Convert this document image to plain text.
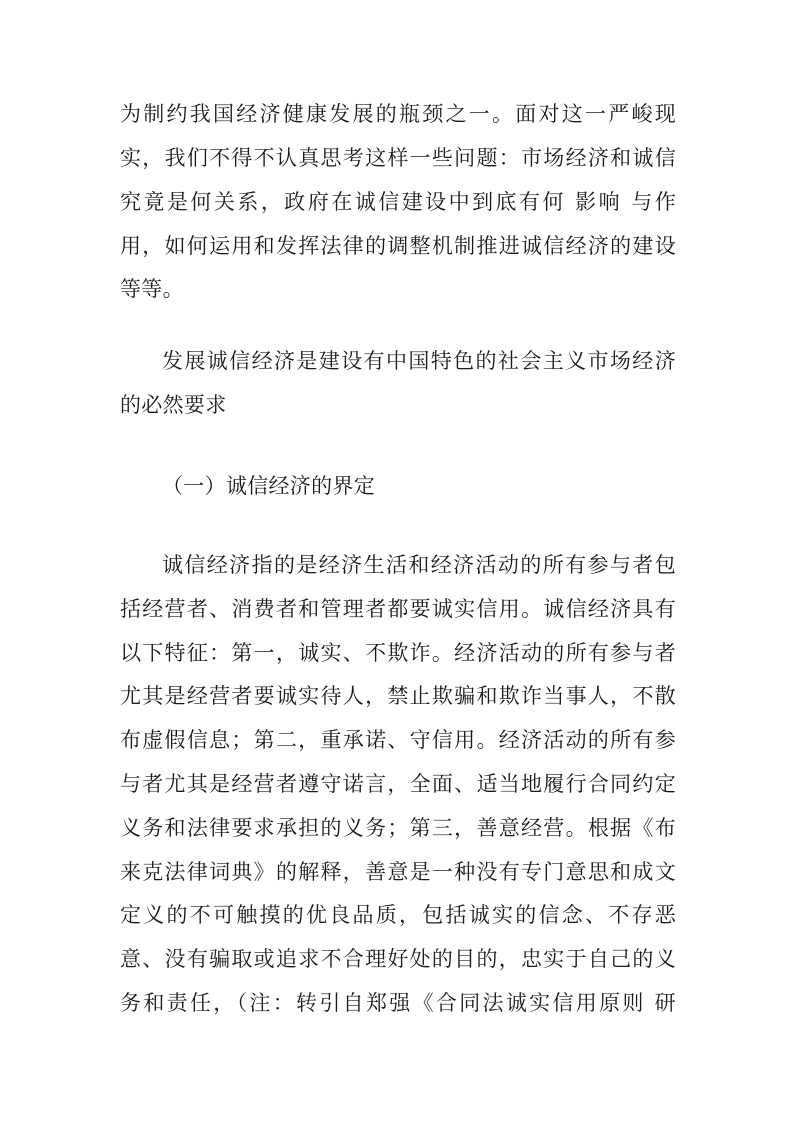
为制约我国经济健康发展的瓶颈之一。面对这一严峻现
实，我们不得不认真思考这样一些问题：市场经济和诚信
究竟是何关系，政府在诚信建设中到底有何 影响 与作
用，如何运用和发挥法律的调整机制推进诚信经济的建设
等等。
发展诚信经济是建设有中国特色的社会主义市场经济
的必然要求
（一）诚信经济的界定
诚信经济指的是经济生活和经济活动的所有参与者包
括经营者、消费者和管理者都要诚实信用。诚信经济具有
以下特征：第一，诚实、不欺诈。经济活动的所有参与者
尤其是经营者要诚实待人，禁止欺骗和欺诈当事人，不散
布虚假信息；第二，重承诺、守信用。经济活动的所有参
与者尤其是经营者遵守诺言，全面、适当地履行合同约定
义务和法律要求承担的义务；第三，善意经营。根据《布
来克法律词典》的解释，善意是一种没有专门意思和成文
定义的不可触摸的优良品质，包括诚实的信念、不存恶
意、没有骗取或追求不合理好处的目的，忠实于自己的义
务和责任，（注：转引自郑强《合同法诚实信用原则 研
